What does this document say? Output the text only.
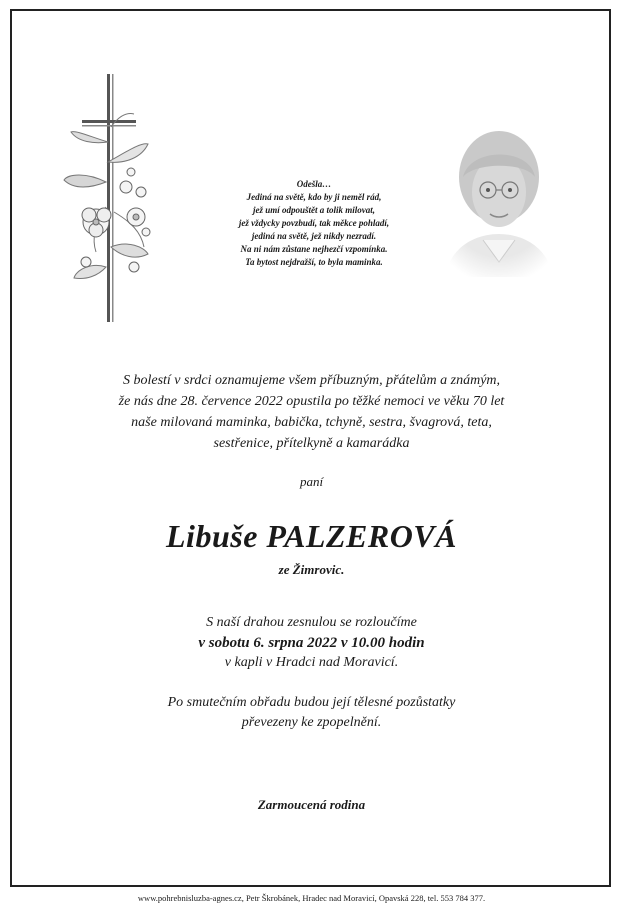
Odešla…
Jediná na světě, kdo by ji neměl rád,
jež umí odpouštět a tolik milovat,
jež vždycky povzbudí, tak měkce pohladí,
jediná na světě, jež nikdy nezradí.
Na ni nám zůstane nejhezčí vzpomínka.
Ta bytost nejdražší, to byla maminka.
S bolestí v srdci oznamujeme všem příbuzným, přátelům a známým,
že nás dne 28. července 2022 opustila po těžké nemoci ve věku 70 let
naše milovaná maminka, babička, tchyně, sestra, švagrová, teta,
sestřenice, přítelkyně a kamarádka
paní
Libuše PALZEROVÁ
ze Žimrovic.
S naší drahou zesnulou se rozloučíme
v sobotu 6. srpna 2022 v 10.00 hodin
v kapli v Hradci nad Moravicí.
Po smutečním obřadu budou její tělesné pozůstatky
převezeny ke zpopelnění.
Zarmoucená rodina
www.pohrebnisluzba-agnes.cz, Petr Škrobánek, Hradec nad Moravicí, Opavská 228, tel. 553 784 377.
